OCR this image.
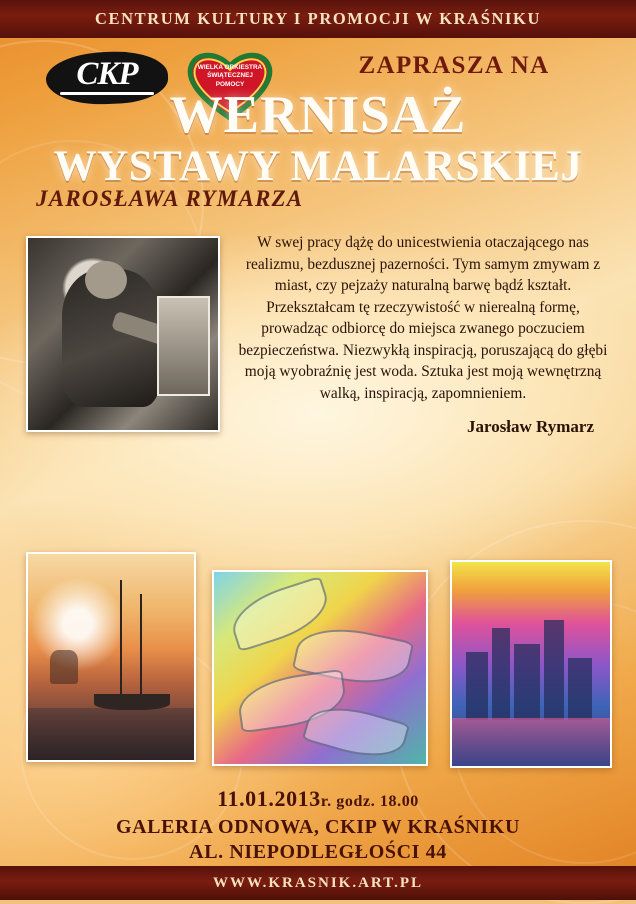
CENTRUM KULTURY I PROMOCJI W KRAŚNIKU
CKP	WIELKA ORKIESTRA
ŚWIĄTECZNEJ
POMOCY
ZAPRASZA NA
WERNISAŻ
WYSTAWY MALARSKIEJ
JAROSŁAWA RYMARZA

W swej pracy dążę do unicestwienia otaczającego nas realizmu, bezdusznej pazerności. Tym samym zmywam z miast, czy pejzaży naturalną barwę bądź kształt. Przekształcam tę rzeczywistość w nierealną formę, prowadząc odbiorcę do miejsca zwanego poczuciem bezpieczeństwa. Niezwykłą inspiracją, poruszającą do głębi moją wyobraźnię jest woda. Sztuka jest moją wewnętrzną walką, inspiracją, zapomnieniem.

Jarosław Rymarz
11.01.2013r. godz. 18.00
GALERIA ODNOWA, CKIP W KRAŚNIKU
AL. NIEPODLEGŁOŚCI 44
WWW.KRASNIK.ART.PL
